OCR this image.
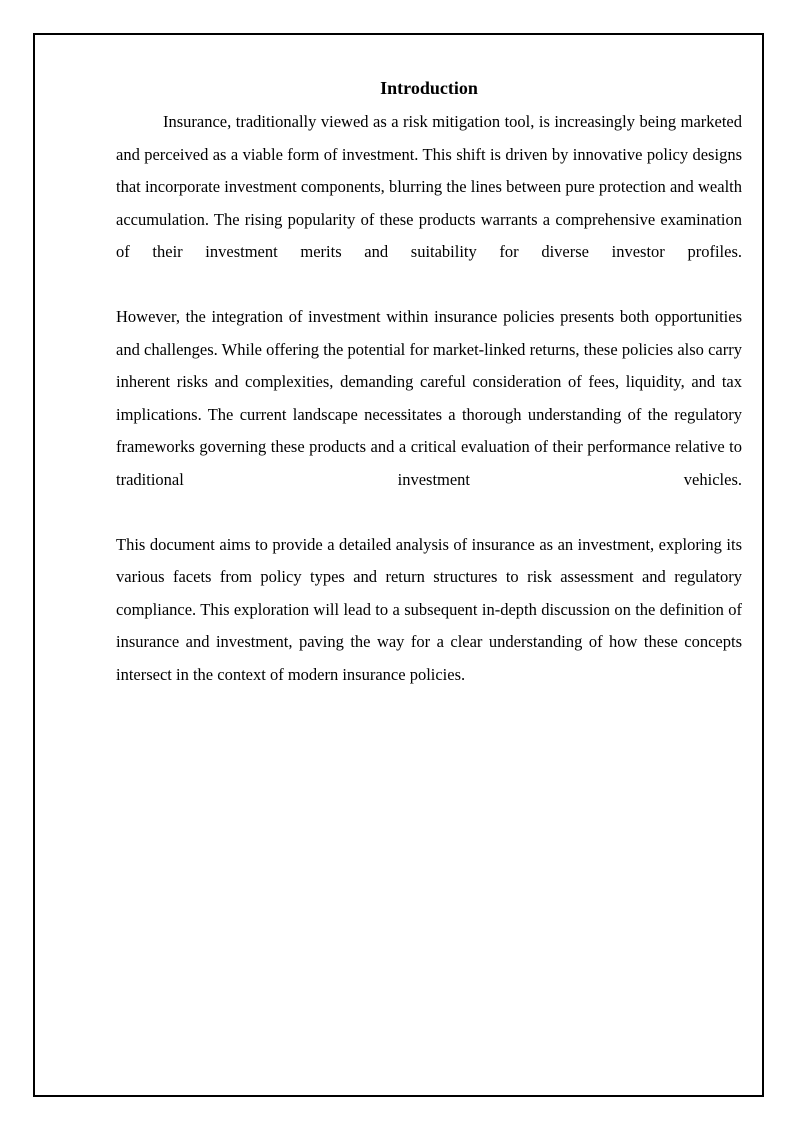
Introduction

Insurance, traditionally viewed as a risk mitigation tool, is increasingly being marketed and perceived as a viable form of investment. This shift is driven by innovative policy designs that incorporate investment components, blurring the lines between pure protection and wealth accumulation. The rising popularity of these products warrants a comprehensive examination of their investment merits and suitability for diverse investor profiles.

However, the integration of investment within insurance policies presents both opportunities and challenges. While offering the potential for market-linked returns, these policies also carry inherent risks and complexities, demanding careful consideration of fees, liquidity, and tax implications. The current landscape necessitates a thorough understanding of the regulatory frameworks governing these products and a critical evaluation of their performance relative to traditional investment vehicles.

This document aims to provide a detailed analysis of insurance as an investment, exploring its various facets from policy types and return structures to risk assessment and regulatory compliance. This exploration will lead to a subsequent in-depth discussion on the definition of insurance and investment, paving the way for a clear understanding of how these concepts intersect in the context of modern insurance policies.
